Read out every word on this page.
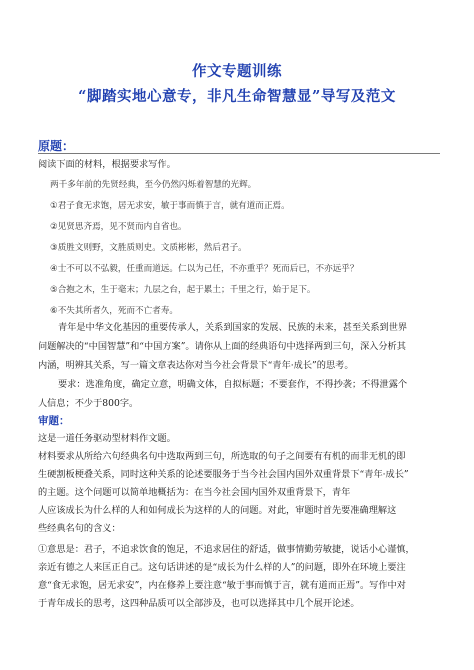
作文专题训练
“脚踏实地心意专，非凡生命智慧显”导写及范文
原题：
阅读下面的材料，根据要求写作。
两千多年前的先贤经典，至今仍然闪烁着智慧的光辉。
①君子食无求饱，居无求安，敏于事而慎于言，就有道而正焉。
②见贤思齐焉，见不贤而内自省也。
③质胜文则野，文胜质则史。文质彬彬，然后君子。
④士不可以不弘毅，任重而道远。仁以为己任，不亦重乎？死而后已，不亦远乎？
⑤合抱之木，生于毫末；九层之台，起于累土；千里之行，始于足下。
⑥不失其所者久，死而不亡者寿。
青年是中华文化基因的重要传承人，关系到国家的发展、民族的未来，甚至关系到世界
问题解决的“中国智慧”和“中国方案”。请你从上面的经典语句中选择两到三句，深入分析其
内涵，明辨其关系，写一篇文章表达你对当今社会背景下“青年·成长”的思考。
要求：选准角度，确定立意，明确文体，自拟标题；不要套作，不得抄袭；不得泄露个
人信息；不少于800字。
审题：
这是一道任务驱动型材料作文题。
材料要求从所给六句经典名句中选取两到三句，所选取的句子之间要有有机的而非无机的即
生硬割板梗叠关系，同时这种关系的论述要服务于当今社会国内国外双重背景下“青年·成长”
的主题。这个问题可以简单地概括为：在当今社会国内国外双重背景下，青年
人应该成长为什么样的人和如何成长为这样的人的问题。对此，审题时首先要准确理解这
些经典名句的含义：
①意思是：君子，不追求饮食的饱足，不追求居住的舒适，做事情勤劳敏捷，说话小心谨慎，
亲近有德之人来匡正自己。这句话讲述的是“成长为什么样的人”的问题，即外在环境上要注
意“食无求饱，居无求安”，内在修养上要注意“敏于事而慎于言，就有道而正焉”。写作中对
于青年成长的思考，这四种品质可以全部涉及，也可以选择其中几个展开论述。
